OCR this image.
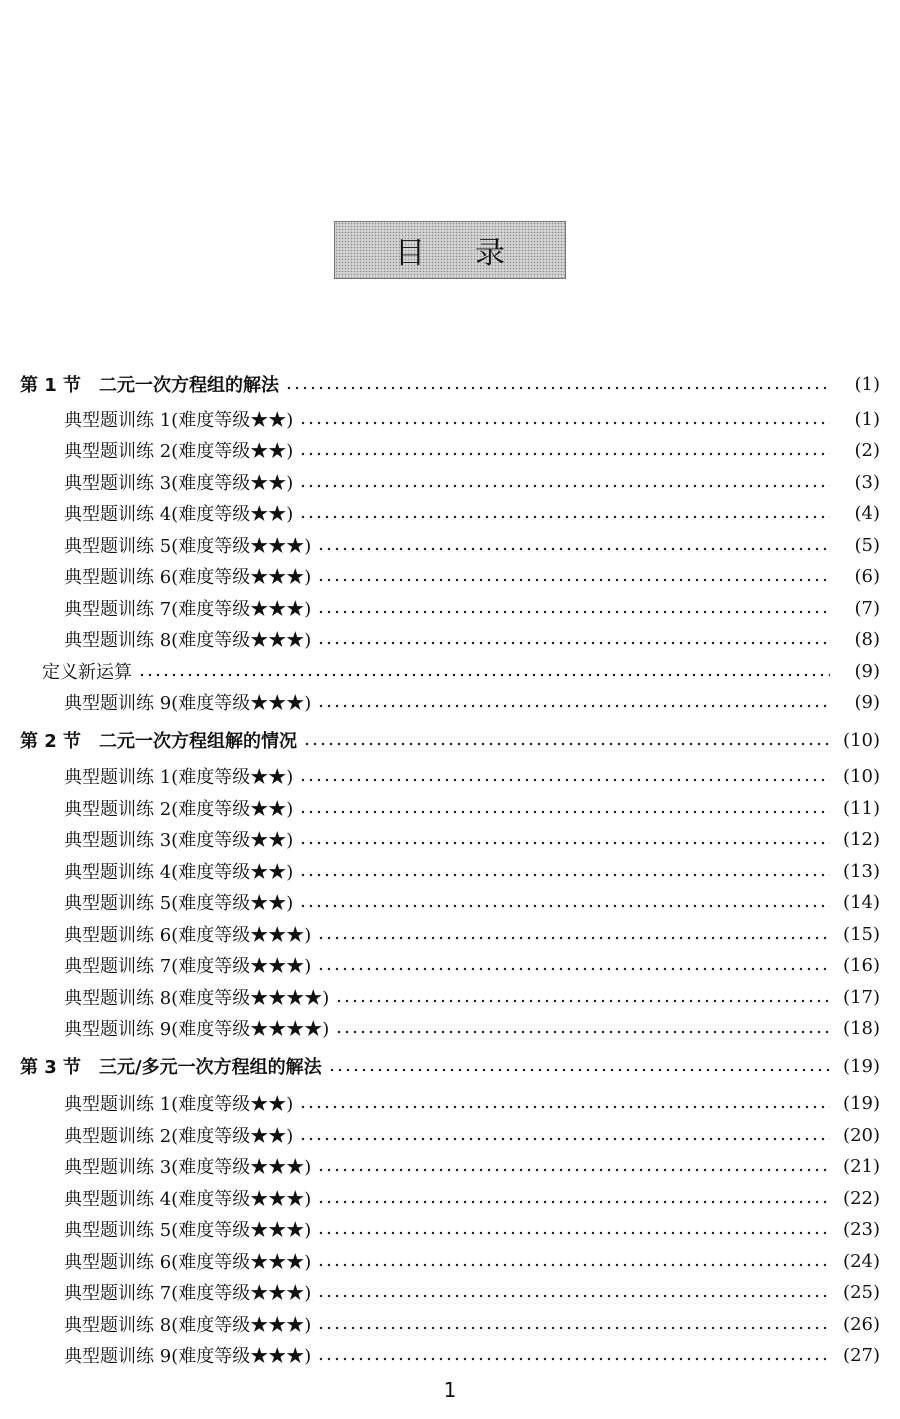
目录
第 1 节　二元一次方程组的解法	(1)
典型题训练 1(难度等级★★)	(1)
典型题训练 2(难度等级★★)	(2)
典型题训练 3(难度等级★★)	(3)
典型题训练 4(难度等级★★)	(4)
典型题训练 5(难度等级★★★)	(5)
典型题训练 6(难度等级★★★)	(6)
典型题训练 7(难度等级★★★)	(7)
典型题训练 8(难度等级★★★)	(8)
定义新运算	(9)
典型题训练 9(难度等级★★★)	(9)
第 2 节　二元一次方程组解的情况	(10)
典型题训练 1(难度等级★★)	(10)
典型题训练 2(难度等级★★)	(11)
典型题训练 3(难度等级★★)	(12)
典型题训练 4(难度等级★★)	(13)
典型题训练 5(难度等级★★)	(14)
典型题训练 6(难度等级★★★)	(15)
典型题训练 7(难度等级★★★)	(16)
典型题训练 8(难度等级★★★★)	(17)
典型题训练 9(难度等级★★★★)	(18)
第 3 节　三元/多元一次方程组的解法	(19)
典型题训练 1(难度等级★★)	(19)
典型题训练 2(难度等级★★)	(20)
典型题训练 3(难度等级★★★)	(21)
典型题训练 4(难度等级★★★)	(22)
典型题训练 5(难度等级★★★)	(23)
典型题训练 6(难度等级★★★)	(24)
典型题训练 7(难度等级★★★)	(25)
典型题训练 8(难度等级★★★)	(26)
典型题训练 9(难度等级★★★)	(27)
1
